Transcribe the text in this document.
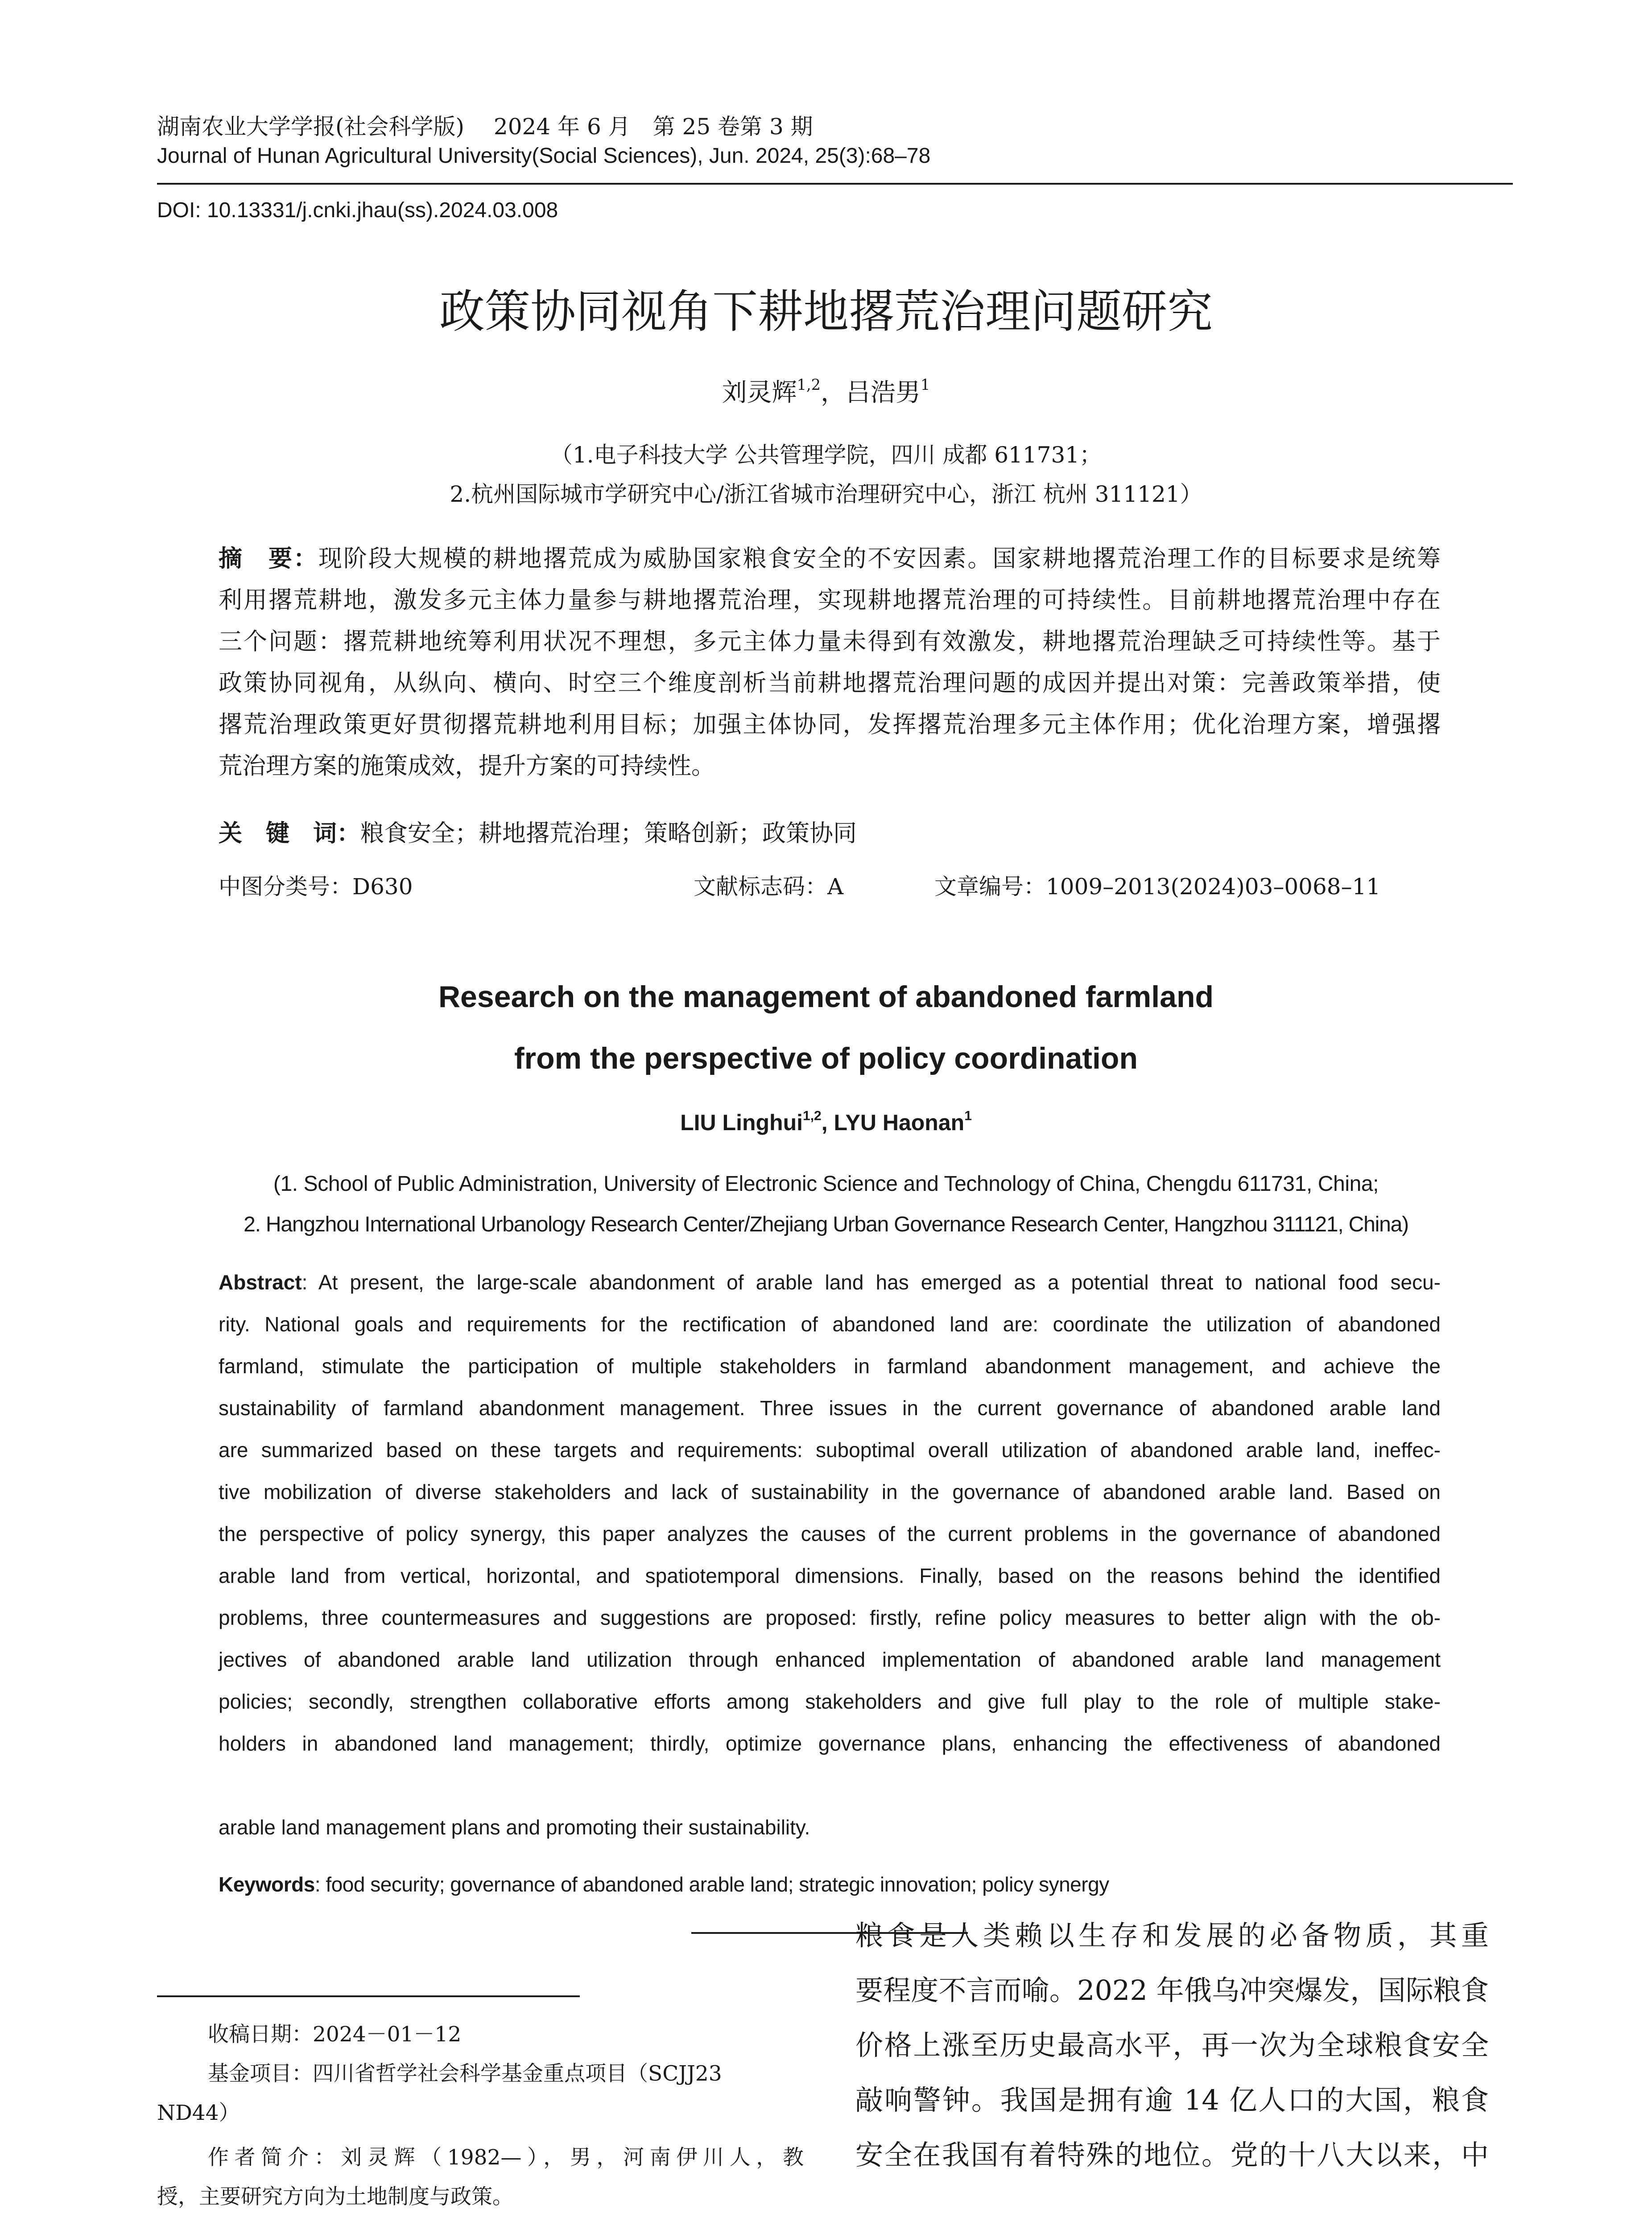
湖南农业大学学报(社会科学版)　 2024 年 6 月　第 25 卷第 3 期
Journal of Hunan Agricultural University(Social Sciences), Jun. 2024, 25(3):68–78
DOI: 10.13331/j.cnki.jhau(ss).2024.03.008
政策协同视角下耕地撂荒治理问题研究
刘灵辉$^{1,2}$，吕浩男$^1$
（1.电子科技大学 公共管理学院，四川 成都 611731；
2.杭州国际城市学研究中心/浙江省城市治理研究中心，浙江 杭州 311121）
摘　要：现阶段大规模的耕地撂荒成为威胁国家粮食安全的不安因素。国家耕地撂荒治理工作的目标要求是统筹
利用撂荒耕地，激发多元主体力量参与耕地撂荒治理，实现耕地撂荒治理的可持续性。目前耕地撂荒治理中存在
三个问题：撂荒耕地统筹利用状况不理想，多元主体力量未得到有效激发，耕地撂荒治理缺乏可持续性等。基于
政策协同视角，从纵向、横向、时空三个维度剖析当前耕地撂荒治理问题的成因并提出对策：完善政策举措，使
撂荒治理政策更好贯彻撂荒耕地利用目标；加强主体协同，发挥撂荒治理多元主体作用；优化治理方案，增强撂
荒治理方案的施策成效，提升方案的可持续性。
关　键　词：粮食安全；耕地撂荒治理；策略创新；政策协同
中图分类号：D630	文献标志码：A	文章编号：1009–2013(2024)03–0068–11
Research on the management of abandoned farmland
from the perspective of policy coordination
LIU Linghui$^{1,2}$, LYU Haonan$^1$
(1. School of Public Administration, University of Electronic Science and Technology of China, Chengdu 611731, China;
2. Hangzhou International Urbanology Research Center/Zhejiang Urban Governance Research Center, Hangzhou 311121, China)
Abstract: At present, the large-scale abandonment of arable land has emerged as a potential threat to national food secu-
rity. National goals and requirements for the rectification of abandoned land are: coordinate the utilization of abandoned
farmland, stimulate the participation of multiple stakeholders in farmland abandonment management, and achieve the
sustainability of farmland abandonment management. Three issues in the current governance of abandoned arable land
are summarized based on these targets and requirements: suboptimal overall utilization of abandoned arable land, ineffec-
tive mobilization of diverse stakeholders and lack of sustainability in the governance of abandoned arable land. Based on
the perspective of policy synergy, this paper analyzes the causes of the current problems in the governance of abandoned
arable land from vertical, horizontal, and spatiotemporal dimensions. Finally, based on the reasons behind the identified
problems, three countermeasures and suggestions are proposed: firstly, refine policy measures to better align with the ob-
jectives of abandoned arable land utilization through enhanced implementation of abandoned arable land management
policies; secondly, strengthen collaborative efforts among stakeholders and give full play to the role of multiple stake-
holders in abandoned land management; thirdly, optimize governance plans, enhancing the effectiveness of abandoned
arable land management plans and promoting their sustainability.
Keywords: food security; governance of abandoned arable land; strategic innovation; policy synergy
收稿日期：2024－01－12
基金项目：四川省哲学社会科学基金重点项目（SCJJ23
ND44）
作者简介：刘灵辉（1982—），男，河南伊川人，教
授，主要研究方向为土地制度与政策。
粮食是人类赖以生存和发展的必备物质，其重
要程度不言而喻。2022 年俄乌冲突爆发，国际粮食
价格上涨至历史最高水平，再一次为全球粮食安全
敲响警钟。我国是拥有逾 14 亿人口的大国，粮食
安全在我国有着特殊的地位。党的十八大以来，中
